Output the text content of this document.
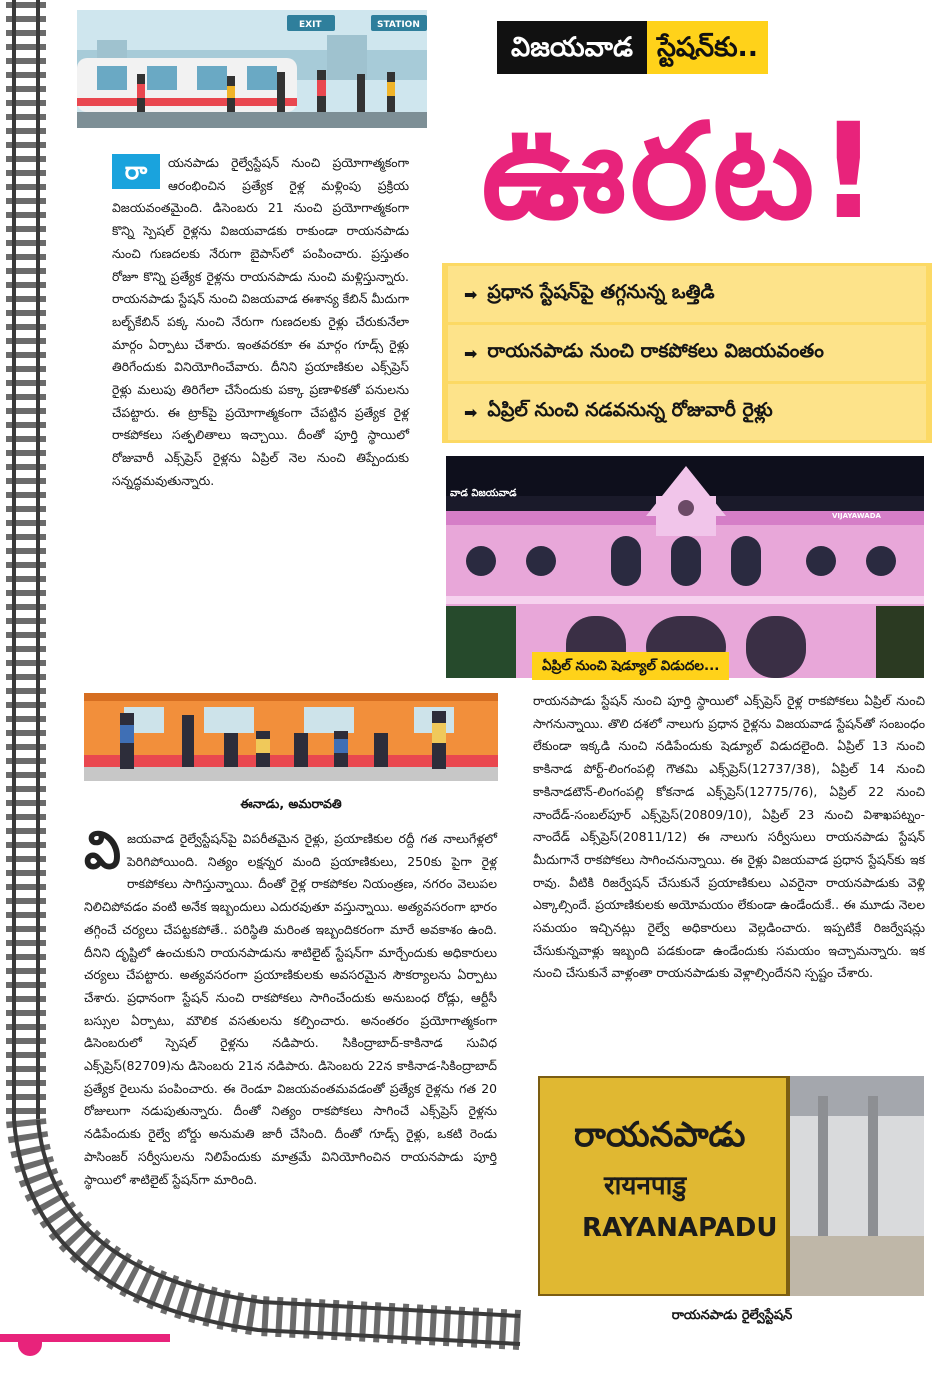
EXIT	STATION
విజయవాడ స్టేషన్‌కు..
ఊరట!
➡ ప్రధాన స్టేషన్‌పై తగ్గనున్న ఒత్తిడి
➡ రాయనపాడు నుంచి రాకపోకలు విజయవంతం
➡ ఏప్రిల్‌ నుంచి నడవనున్న రోజువారీ రైళ్లు
రా	యనపాడు రైల్వేస్టేషన్‌ నుంచి ప్రయోగాత్మకంగా ఆరంభించిన ప్రత్యేక రైళ్ల మళ్లింపు ప్రక్రియ విజయవంతమైంది. డిసెంబరు 21 నుంచి ప్రయోగాత్మకంగా కొన్ని స్పెషల్‌ రైళ్లను విజయవాడకు రాకుండా రాయనపాడు నుంచి గుణదలకు నేరుగా బైపాస్‌లో పంపించారు. ప్రస్తుతం రోజూ కొన్ని ప్రత్యేక రైళ్లను రాయనపాడు నుంచి మళ్లిస్తున్నారు. రాయనపాడు స్టేషన్‌ నుంచి విజయవాడ ఈశాన్య కేబిన్‌ మీదుగా బల్బ్‌కేబిన్‌ పక్క నుంచి నేరుగా గుణదలకు రైళ్లు చేరుకునేలా మార్గం ఏర్పాటు చేశారు. ఇంతవరకూ ఈ మార్గం గూడ్స్‌ రైళ్లు తిరిగేందుకు వినియోగించేవారు. దీనిని ప్రయాణికుల ఎక్స్‌ప్రెస్‌ రైళ్లు మలుపు తిరిగేలా చేసేందుకు పక్కా ప్రణాళికతో పనులను చేపట్టారు. ఈ ట్రాక్‌పై ప్రయోగాత్మకంగా చేపట్టిన ప్రత్యేక రైళ్ల రాకపోకలు సత్ఫలితాలు ఇచ్చాయి. దీంతో పూర్తి స్థాయిలో రోజువారీ ఎక్స్‌ప్రెస్‌ రైళ్లను ఏప్రిల్‌ నెల నుంచి తిప్పేందుకు సన్నద్ధమవుతున్నారు.
వాడ విజయవాడ
VIJAYAWADA
ఏప్రిల్‌ నుంచి షెడ్యూల్‌ విడుదల...
రాయనపాడు స్టేషన్‌ నుంచి పూర్తి స్థాయిలో ఎక్స్‌ప్రెస్‌ రైళ్ల రాకపోకలు ఏప్రిల్‌ నుంచి సాగనున్నాయి. తొలి దశలో నాలుగు ప్రధాన రైళ్లను విజయవాడ స్టేషన్‌తో సంబంధం లేకుండా ఇక్కడి నుంచి నడిపేందుకు షెడ్యూల్‌ విడుదలైంది. ఏప్రిల్‌ 13 నుంచి కాకినాడ పోర్ట్‌-లింగంపల్లి గౌతమి ఎక్స్‌ప్రెస్‌(12737/38), ఏప్రిల్‌ 14 నుంచి కాకినాడటౌన్‌-లింగంపల్లి కోకనాడ ఎక్స్‌ప్రెస్‌(12775/76), ఏప్రిల్‌ 22 నుంచి నాందేడ్‌-సంబల్‌పూర్‌ ఎక్స్‌ప్రెస్‌(20809/10), ఏప్రిల్‌ 23 నుంచి విశాఖపట్నం-నాందేడ్‌ ఎక్స్‌ప్రెస్‌(20811/12) ఈ నాలుగు సర్వీసులు రాయనపాడు స్టేషన్‌ మీదుగానే రాకపోకలు సాగించనున్నాయి. ఈ రైళ్లు విజయవాడ ప్రధాన స్టేషన్‌కు ఇక రావు. వీటికి రిజర్వేషన్‌ చేసుకునే ప్రయాణికులు ఎవరైనా రాయనపాడుకు వెళ్లి ఎక్కాల్సిందే. ప్రయాణికులకు అయోమయం లేకుండా ఉండేందుకే.. ఈ మూడు నెలల సమయం ఇచ్చినట్లు రైల్వే అధికారులు వెల్లడించారు. ఇప్పటికే రిజర్వేషన్లు చేసుకున్నవాళ్లు ఇబ్బంది పడకుండా ఉండేందుకు సమయం ఇచ్చామన్నారు. ఇక నుంచి చేసుకునే వాళ్లంతా రాయనపాడుకు వెళ్లాల్సిందేనని స్పష్టం చేశారు.
ఈనాడు, అమరావతి
వి జయవాడ రైల్వేస్టేషన్‌పై విపరీతమైన రైళ్లు, ప్రయాణికుల రద్దీ గత నాలుగేళ్లలో పెరిగిపోయింది. నిత్యం లక్షన్నర మంది ప్రయాణికులు, 250కు పైగా రైళ్ల రాకపోకలు సాగిస్తున్నాయి. దీంతో రైళ్ల రాకపోకల నియంత్రణ, నగరం వెలుపల నిలిచిపోవడం వంటి అనేక ఇబ్బందులు ఎదురవుతూ వస్తున్నాయి. అత్యవసరంగా భారం తగ్గించే చర్యలు చేపట్టకపోతే.. పరిస్థితి మరింత ఇబ్బందికరంగా మారే అవకాశం ఉంది. దీనిని దృష్టిలో ఉంచుకుని రాయనపాడును శాటిలైట్‌ స్టేషన్‌గా మార్చేందుకు అధికారులు చర్యలు చేపట్టారు. అత్యవసరంగా ప్రయాణికులకు అవసరమైన సౌకర్యాలను ఏర్పాటు చేశారు. ప్రధానంగా స్టేషన్‌ నుంచి రాకపోకలు సాగించేందుకు అనుబంధ రోడ్లు, ఆర్టీసీ బస్సుల ఏర్పాటు, మౌలిక వసతులను కల్పించారు. అనంతరం ప్రయోగాత్మకంగా డిసెంబరులో స్పెషల్‌ రైళ్లను నడిపారు. సికింద్రాబాద్‌-కాకినాడ సువిధ ఎక్స్‌ప్రెస్‌(82709)ను డిసెంబరు 21న నడిపారు. డిసెంబరు 22న కాకినాడ-సికింద్రాబాద్‌ ప్రత్యేక రైలును పంపించారు. ఈ రెండూ విజయవంతమవడంతో ప్రత్యేక రైళ్లను గత 20 రోజులుగా నడుపుతున్నారు. దీంతో నిత్యం రాకపోకలు సాగించే ఎక్స్‌ప్రెస్‌ రైళ్లను నడిపేందుకు రైల్వే బోర్డు అనుమతి జారీ చేసింది. దీంతో గూడ్స్‌ రైళ్లు, ఒకటి రెండు పాసింజర్‌ సర్వీసులను నిలిపేందుకు మాత్రమే వినియోగించిన రాయనపాడు పూర్తి స్థాయిలో శాటిలైట్‌ స్టేషన్‌గా మారింది.
రాయనపాడు
रायनपाडु
RAYANAPADU
రాయనపాడు రైల్వేస్టేషన్‌
